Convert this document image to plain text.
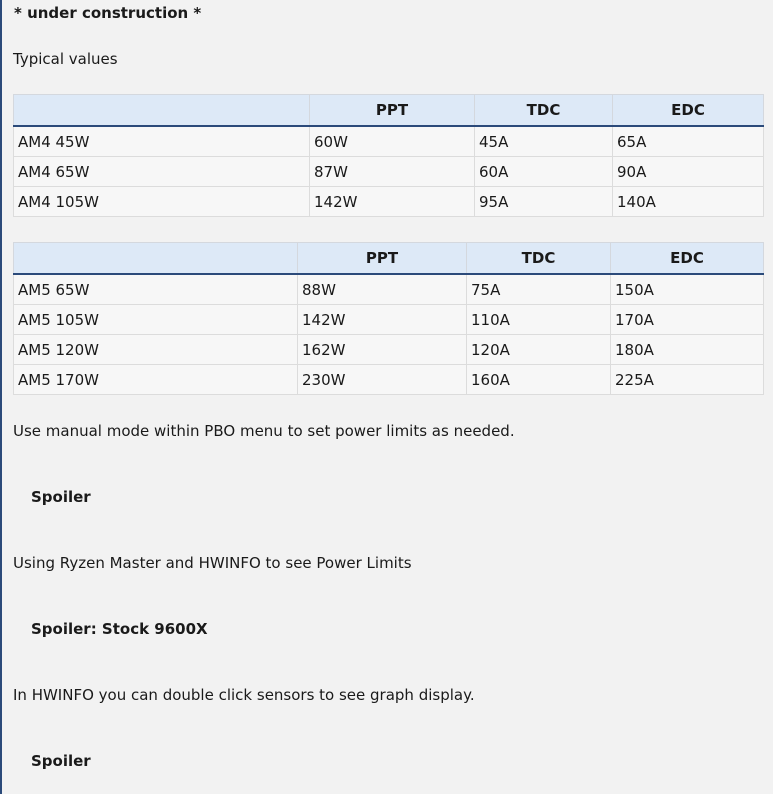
* under construction *
Typical values
	PPT	TDC	EDC
AM4 45W	60W	45A	65A
AM4 65W	87W	60A	90A
AM4 105W	142W	95A	140A
	PPT	TDC	EDC
AM5 65W	88W	75A	150A
AM5 105W	142W	110A	170A
AM5 120W	162W	120A	180A
AM5 170W	230W	160A	225A
Use manual mode within PBO menu to set power limits as needed.
Spoiler
Using Ryzen Master and HWINFO to see Power Limits
Spoiler: Stock 9600X
In HWINFO you can double click sensors to see graph display.
Spoiler
